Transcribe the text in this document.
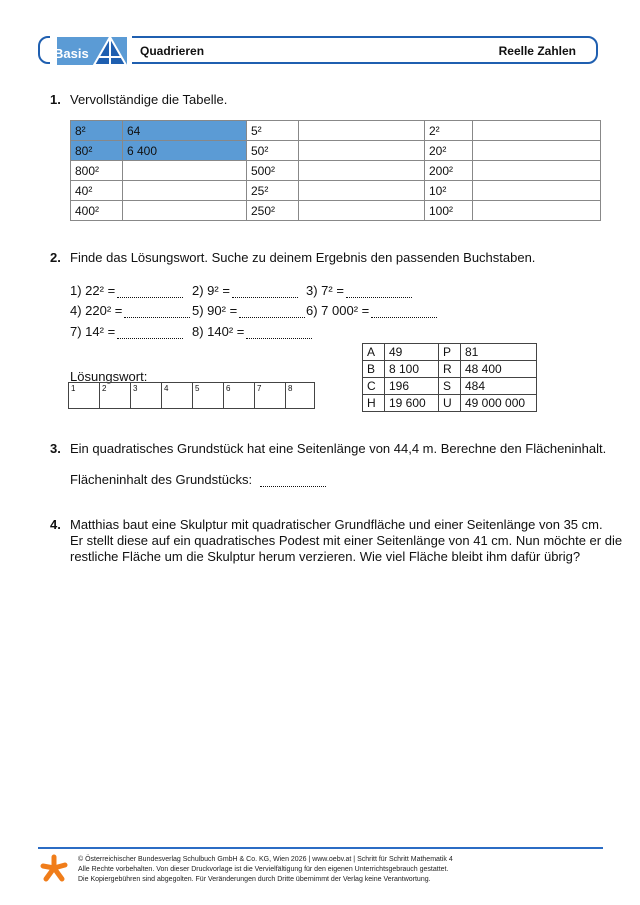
Basis	Quadrieren	Reelle Zahlen
1. Vervollständige die Tabelle.
8²	64	5²		2²	
80²	6 400	50²		20²	
800²		500²		200²	
40²		25²		10²	
400²		250²		100²	
2. Finde das Lösungswort. Suche zu deinem Ergebnis den passenden Buchstaben.
1) 22² =	2) 9² =	3) 7² =
4) 220² =	5) 90² =	6) 7 000² =
7) 14² =	8) 140² =
A	49	P	81
B	8 100	R	48 400
C	196	S	484
H	19 600	U	49 000 000
Lösungswort:
1	2	3	4	5	6	7	8
3. Ein quadratisches Grundstück hat eine Seitenlänge von 44,4 m. Berechne den Flächeninhalt.
Flächeninhalt des Grundstücks:
4. Matthias baut eine Skulptur mit quadratischer Grundfläche und einer Seitenlänge von 35 cm.
Er stellt diese auf ein quadratisches Podest mit einer Seitenlänge von 41 cm. Nun möchte er die
restliche Fläche um die Skulptur herum verzieren. Wie viel Fläche bleibt ihm dafür übrig?
© Österreichischer Bundesverlag Schulbuch GmbH & Co. KG, Wien 2026 | www.oebv.at | Schritt für Schritt Mathematik 4
Alle Rechte vorbehalten. Von dieser Druckvorlage ist die Vervielfältigung für den eigenen Unterrichtsgebrauch gestattet.
Die Kopiergebühren sind abgegolten. Für Veränderungen durch Dritte übernimmt der Verlag keine Verantwortung.
